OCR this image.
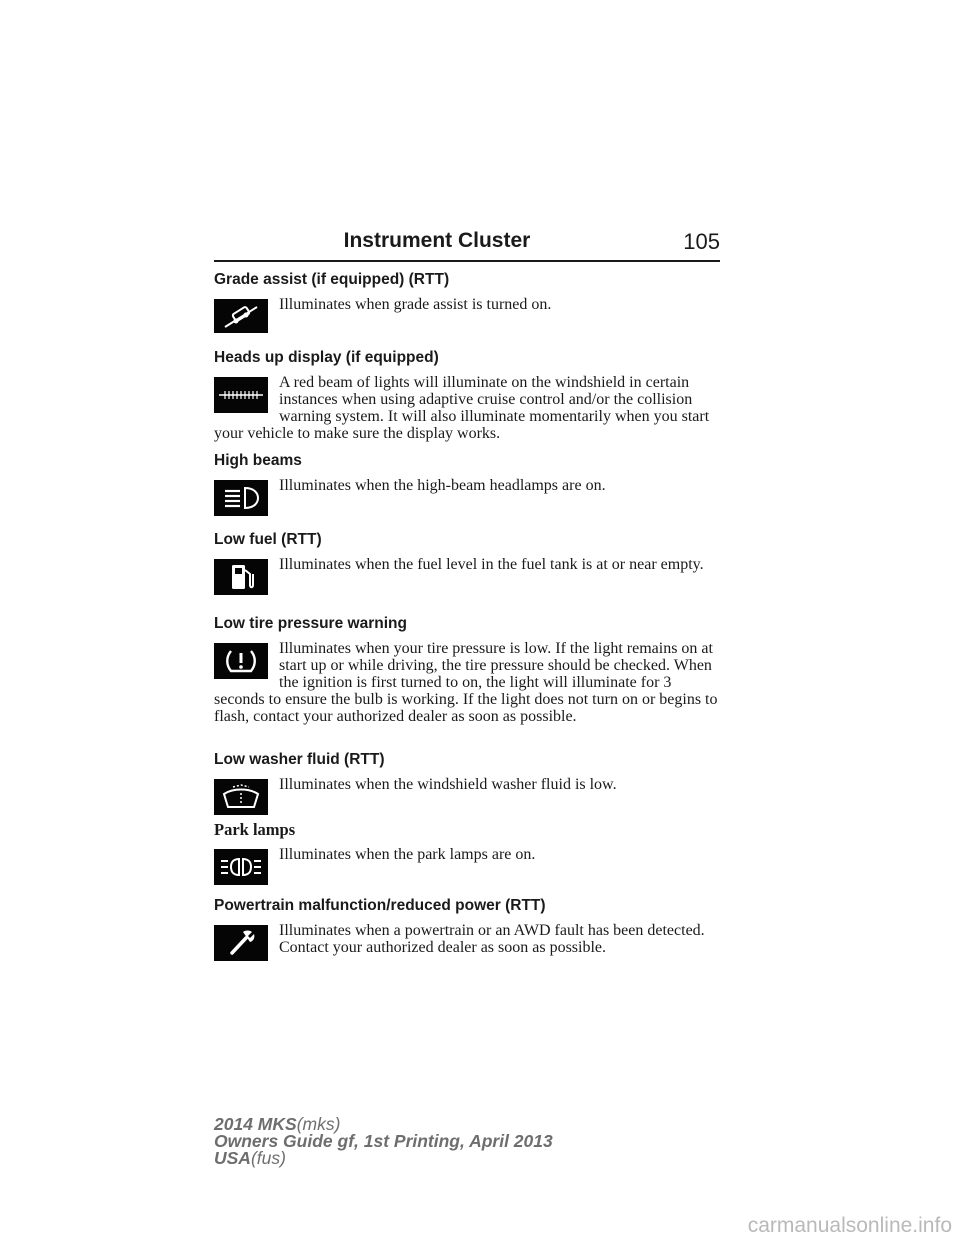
Instrument Cluster	105
Grade assist (if equipped) (RTT)

Illuminates when grade assist is turned on.

Heads up display (if equipped)

A red beam of lights will illuminate on the windshield in certain instances when using adaptive cruise control and/or the collision warning system. It will also illuminate momentarily when you start your vehicle to make sure the display works.

High beams

Illuminates when the high-beam headlamps are on.

Low fuel (RTT)

Illuminates when the fuel level in the fuel tank is at or near empty.

Low tire pressure warning

Illuminates when your tire pressure is low. If the light remains on at start up or while driving, the tire pressure should be checked. When the ignition is first turned to on, the light will illuminate for 3 seconds to ensure the bulb is working. If the light does not turn on or begins to flash, contact your authorized dealer as soon as possible.

Low washer fluid (RTT)

Illuminates when the windshield washer fluid is low.

Park lamps

Illuminates when the park lamps are on.

Powertrain malfunction/reduced power (RTT)

Illuminates when a powertrain or an AWD fault has been detected. Contact your authorized dealer as soon as possible.

2014 MKS(mks)
Owners Guide gf, 1st Printing, April 2013
USA(fus)
carmanualsonline.info
